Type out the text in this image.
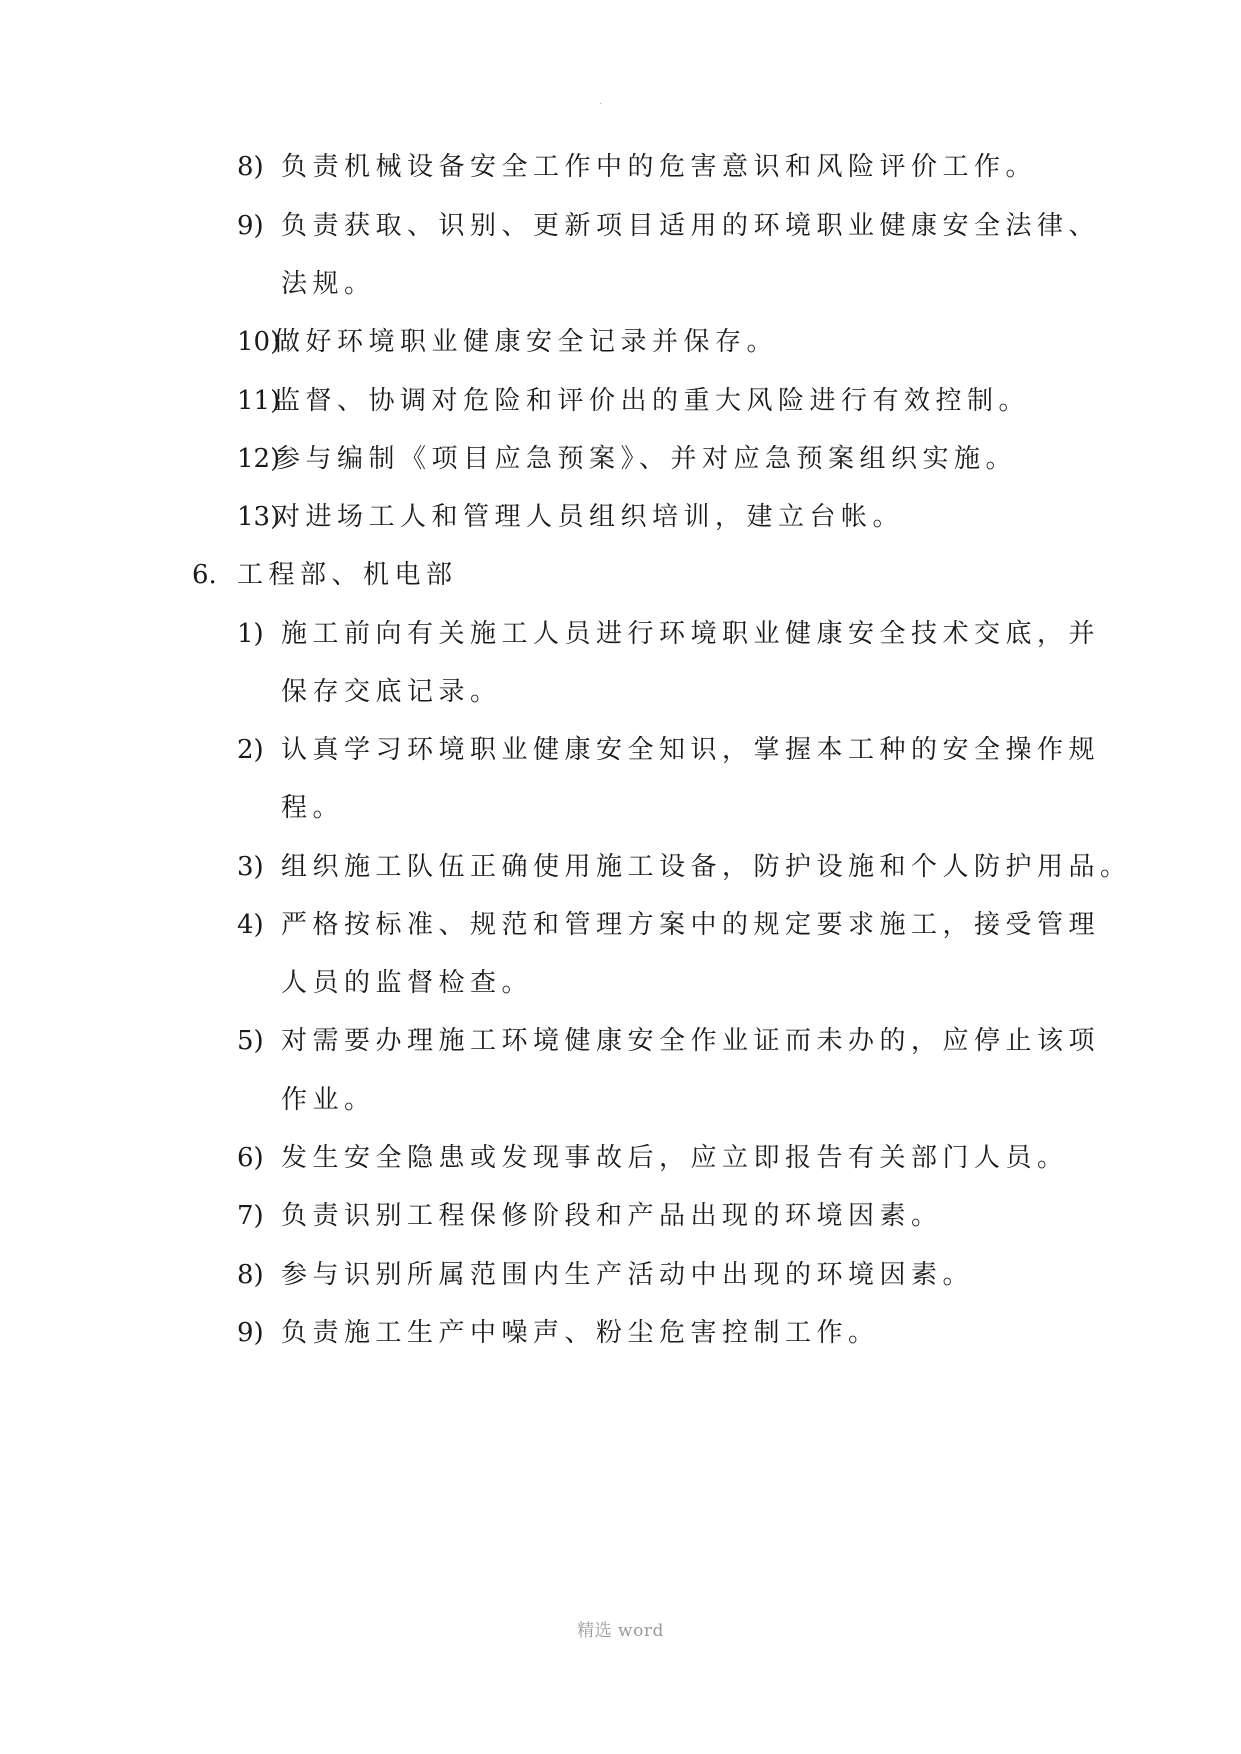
.
8) 负责机械设备安全工作中的危害意识和风险评价工作。
9) 负责获取、识别、更新项目适用的环境职业健康安全法律、
法规。
10)做好环境职业健康安全记录并保存。
11)监督、协调对危险和评价出的重大风险进行有效控制。
12)参与编制《项目应急预案》、并对应急预案组织实施。
13)对进场工人和管理人员组织培训，建立台帐。
6. 工程部、机电部
1) 施工前向有关施工人员进行环境职业健康安全技术交底，并
保存交底记录。
2) 认真学习环境职业健康安全知识，掌握本工种的安全操作规
程。
3) 组织施工队伍正确使用施工设备，防护设施和个人防护用品。
4) 严格按标准、规范和管理方案中的规定要求施工，接受管理
人员的监督检查。
5) 对需要办理施工环境健康安全作业证而未办的，应停止该项
作业。
6) 发生安全隐患或发现事故后，应立即报告有关部门人员。
7) 负责识别工程保修阶段和产品出现的环境因素。
8) 参与识别所属范围内生产活动中出现的环境因素。
9) 负责施工生产中噪声、粉尘危害控制工作。
精选 word
